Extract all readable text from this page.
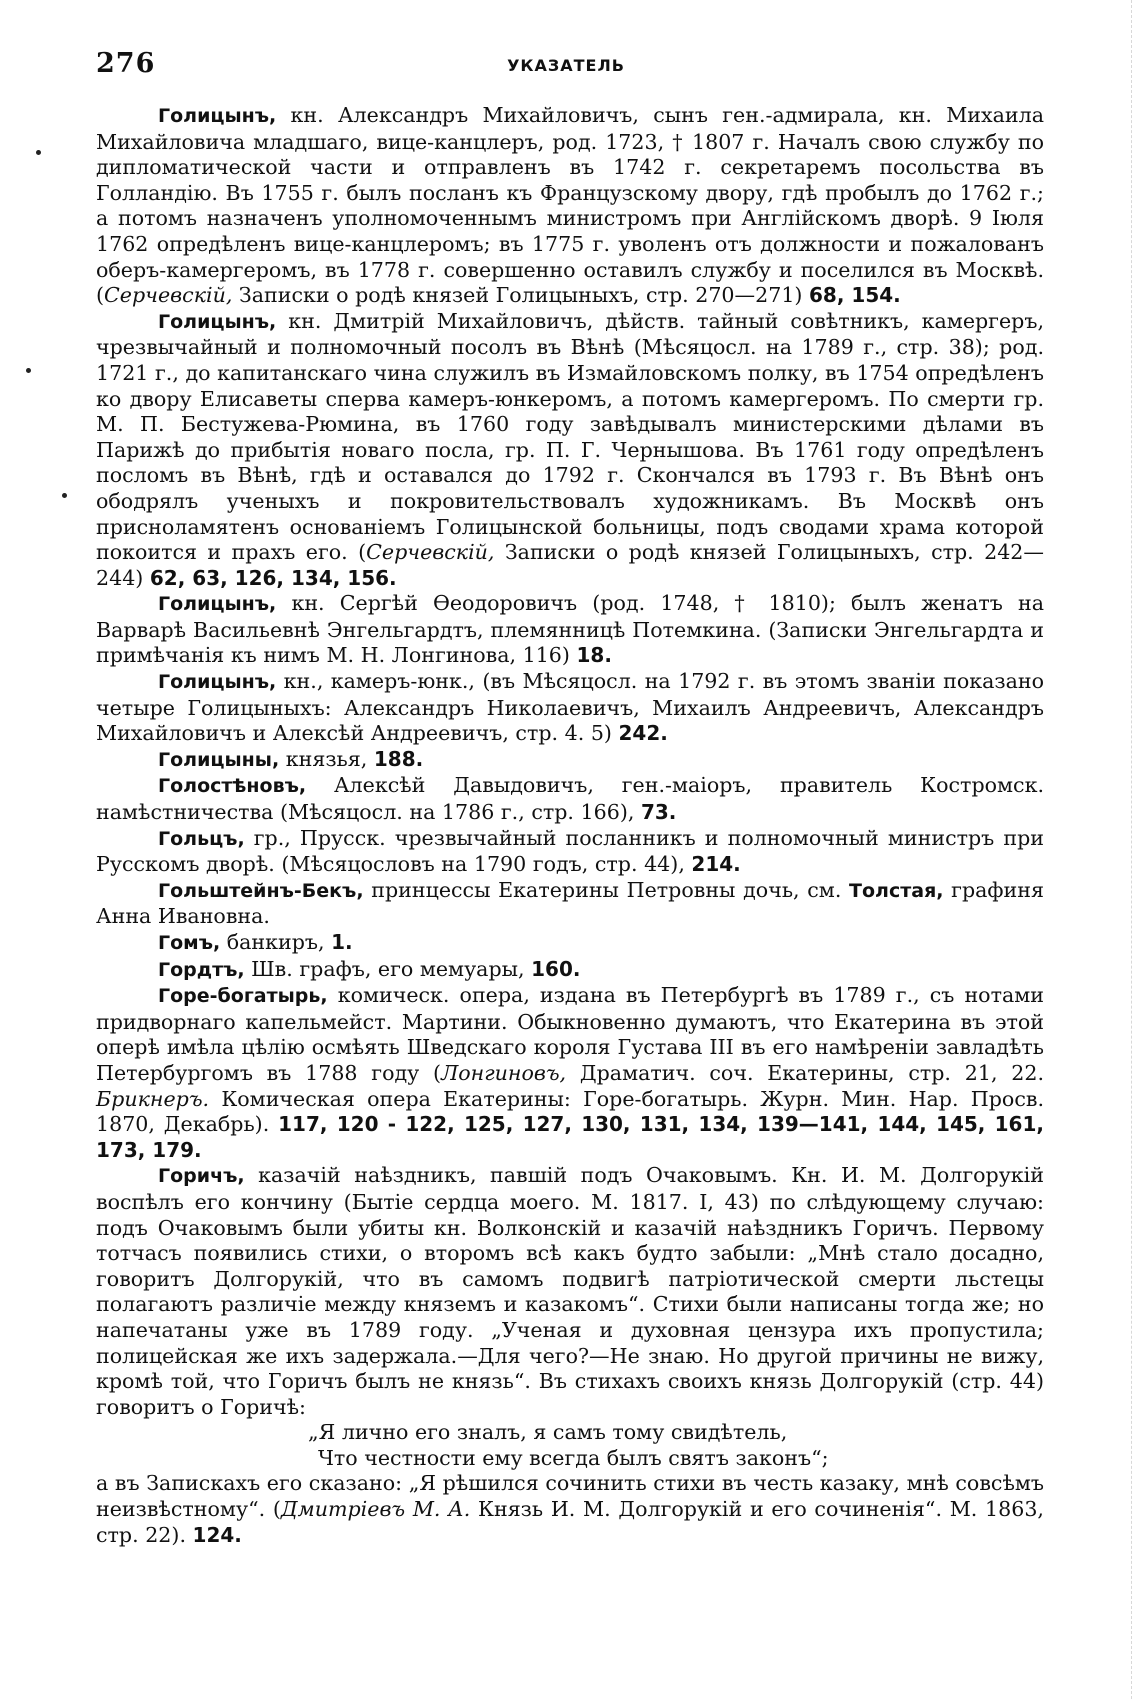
276	УКАЗАТЕЛЬ

Голицынъ, кн. Александръ Михайловичъ, сынъ ген.-адмирала, кн. Михаила Михайловича младшаго, вице-канцлеръ, род. 1723, † 1807 г. Началъ свою службу по дипломатической части и отправленъ въ 1742 г. секретаремъ посольства въ Голландію. Въ 1755 г. былъ посланъ къ Французскому двору, гдѣ пробылъ до 1762 г.; а потомъ назначенъ уполномоченнымъ министромъ при Англійскомъ дворѣ. 9 Іюля 1762 опредѣленъ вице-канцлеромъ; въ 1775 г. уволенъ отъ должности и пожалованъ оберъ-камергеромъ, въ 1778 г. совершенно оставилъ службу и поселился въ Москвѣ. (Серчевскій, Записки о родѣ князей Голицыныхъ, стр. 270—271) 68, 154.

Голицынъ, кн. Дмитрій Михайловичъ, дѣйств. тайный совѣтникъ, камергеръ, чрезвычайный и полномочный посолъ въ Вѣнѣ (Мѣсяцосл. на 1789 г., стр. 38); род. 1721 г., до капитанскаго чина служилъ въ Измайловскомъ полку, въ 1754 опредѣленъ ко двору Елисаветы сперва камеръ-юнкеромъ, а потомъ камергеромъ. По смерти гр. М. П. Бестужева-Рюмина, въ 1760 году завѣдывалъ министерскими дѣлами въ Парижѣ до прибытія новаго посла, гр. П. Г. Чернышова. Въ 1761 году опредѣленъ посломъ въ Вѣнѣ, гдѣ и оставался до 1792 г. Скончался въ 1793 г. Въ Вѣнѣ онъ ободрялъ ученыхъ и покровительствовалъ художникамъ. Въ Москвѣ онъ присноламятенъ основаніемъ Голицынской больницы, подъ сводами храма которой покоится и прахъ его. (Серчевскій, Записки о родѣ князей Голицыныхъ, стр. 242—244) 62, 63, 126, 134, 156.

Голицынъ, кн. Сергѣй Ѳеодоровичъ (род. 1748, † 1810); былъ женатъ на Варварѣ Васильевнѣ Энгельгардтъ, племянницѣ Потемкина. (Записки Энгельгардта и примѣчанія къ нимъ М. Н. Лонгинова, 116) 18.

Голицынъ, кн., камеръ-юнк., (въ Мѣсяцосл. на 1792 г. въ этомъ званіи показано четыре Голицыныхъ: Александръ Николаевичъ, Михаилъ Андреевичъ, Александръ Михайловичъ и Алексѣй Андреевичъ, стр. 4. 5) 242.

Голицыны, князья, 188.

Голостѣновъ, Алексѣй Давыдовичъ, ген.-маіоръ, правитель Костромск. намѣстничества (Мѣсяцосл. на 1786 г., стр. 166), 73.

Гольцъ, гр., Прусск. чрезвычайный посланникъ и полномочный министръ при Русскомъ дворѣ. (Мѣсяцословъ на 1790 годъ, стр. 44), 214.

Гольштейнъ-Бекъ, принцессы Екатерины Петровны дочь, см. Толстая, графиня Анна Ивановна.

Гомъ, банкиръ, 1.

Гордтъ, Шв. графъ, его мемуары, 160.

Горе-богатырь, комическ. опера, издана въ Петербургѣ въ 1789 г., съ нотами придворнаго капельмейст. Мартини. Обыкновенно думаютъ, что Екатерина въ этой оперѣ имѣла цѣлію осмѣять Шведскаго короля Густава III въ его намѣреніи завладѣть Петербургомъ въ 1788 году (Лонгиновъ, Драматич. соч. Екатерины, стр. 21, 22. Брикнеръ. Комическая опера Екатерины: Горе-богатырь. Журн. Мин. Нар. Просв. 1870, Декабрь). 117, 120 - 122, 125, 127, 130, 131, 134, 139—141, 144, 145, 161, 173, 179.

Горичъ, казачій наѣздникъ, павшій подъ Очаковымъ. Кн. И. М. Долгорукій воспѣлъ его кончину (Бытіе сердца моего. М. 1817. I, 43) по слѣдующему случаю: подъ Очаковымъ были убиты кн. Волконскій и казачій наѣздникъ Горичъ. Первому тотчасъ появились стихи, о второмъ всѣ какъ будто забыли: „Мнѣ стало досадно, говоритъ Долгорукій, что въ самомъ подвигѣ патріотической смерти льстецы полагаютъ различіе между княземъ и казакомъ“. Стихи были написаны тогда же; но напечатаны уже въ 1789 году. „Ученая и духовная цензура ихъ пропустила; полицейская же ихъ задержала.—Для чего?—Не знаю. Но другой причины не вижу, кромѣ той, что Горичъ былъ не князь“. Въ стихахъ своихъ князь Долгорукій (стр. 44) говоритъ о Горичѣ:

„Я лично его зналъ, я самъ тому свидѣтель,

Что честности ему всегда былъ святъ законъ“;

а въ Запискахъ его сказано: „Я рѣшился сочинить стихи въ честь казаку, мнѣ совсѣмъ неизвѣстному“. (Дмитріевъ М. А. Князь И. М. Долгорукій и его сочиненія“. М. 1863, стр. 22). 124.
